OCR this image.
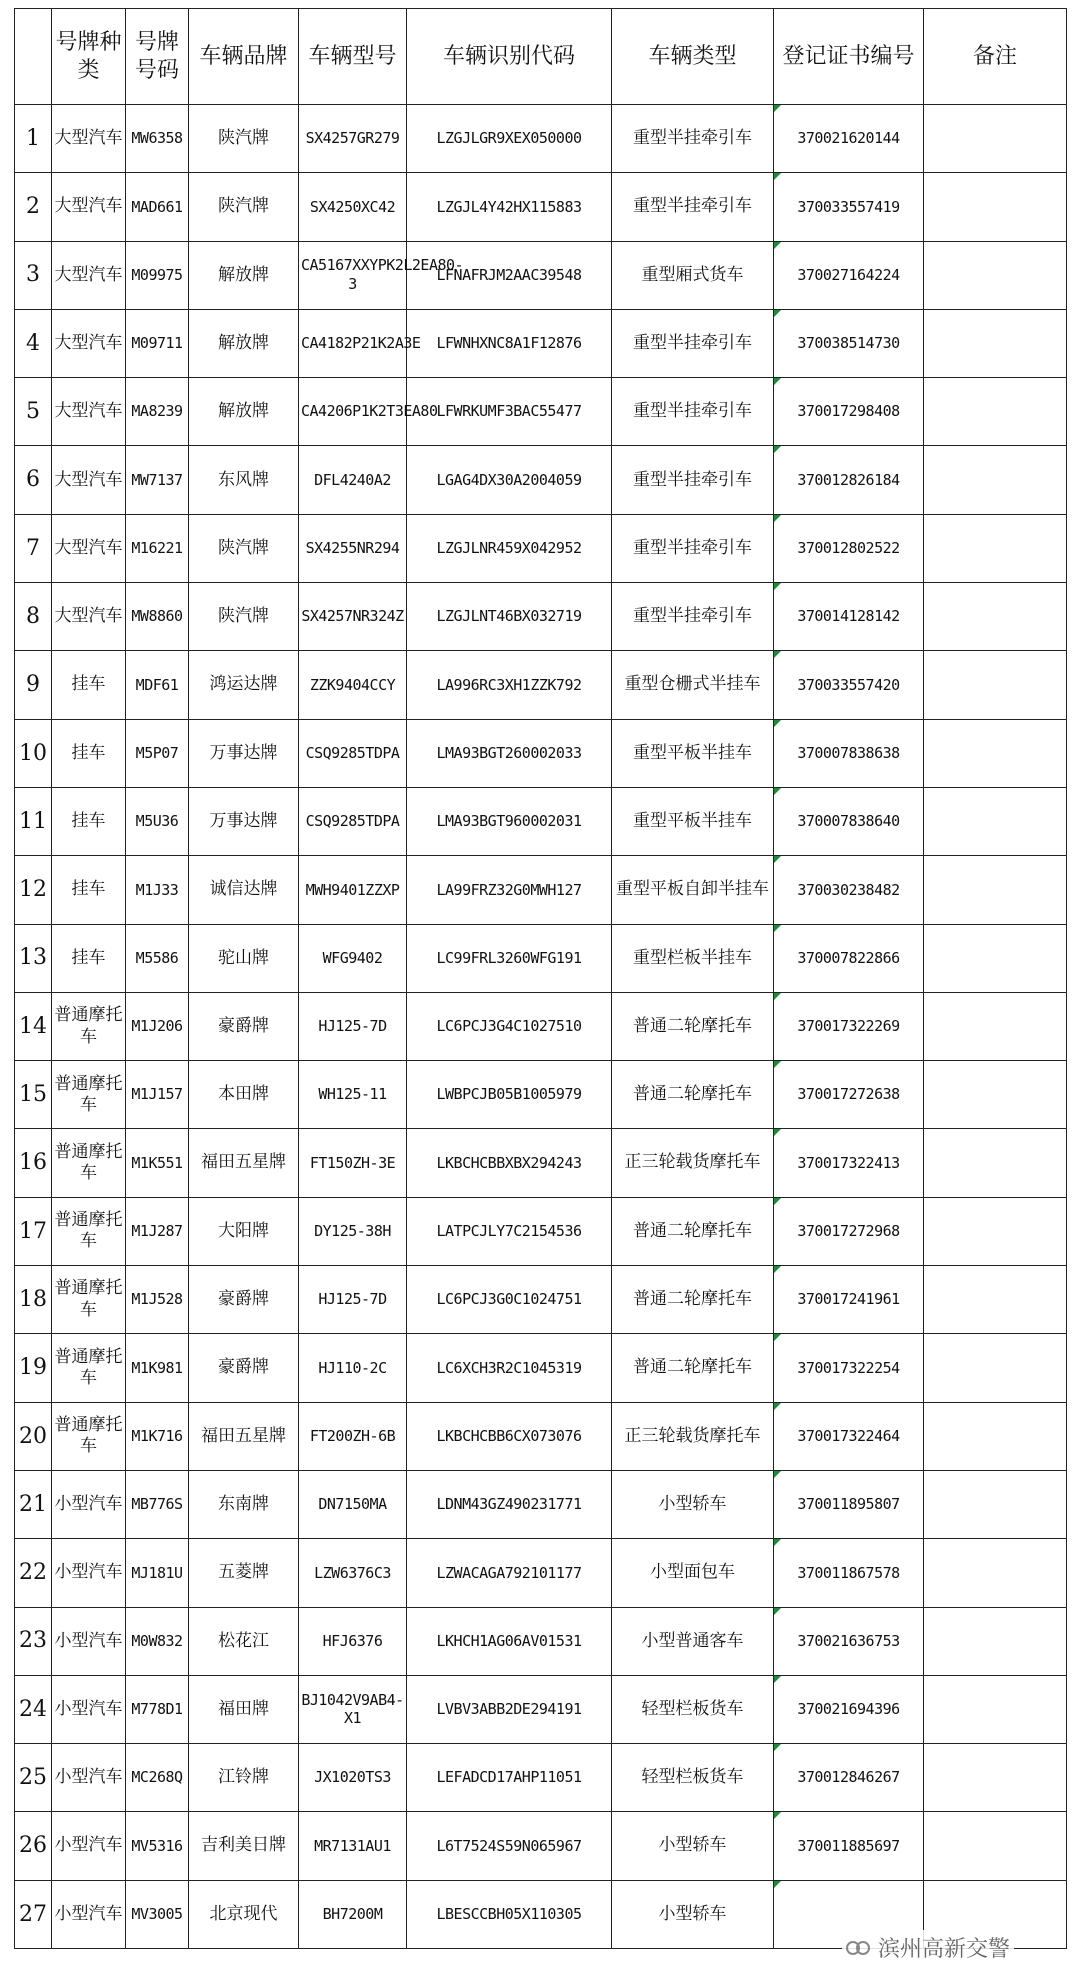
	号牌种类	号牌号码	车辆品牌	车辆型号	车辆识别代码	车辆类型	登记证书编号	备注
1	大型汽车	MW6358	陕汽牌	SX4257GR279	LZGJLGR9XEX050000	重型半挂牵引车	370021620144	
2	大型汽车	MAD661	陕汽牌	SX4250XC42	LZGJL4Y42HX115883	重型半挂牵引车	370033557419	
3	大型汽车	M09975	解放牌	CA5167XXYPK2L2EA80-3	LFNAFRJM2AAC39548	重型厢式货车	370027164224	
4	大型汽车	M09711	解放牌	CA4182P21K2A3E	LFWNHXNC8A1F12876	重型半挂牵引车	370038514730	
5	大型汽车	MA8239	解放牌	CA4206P1K2T3EA80	LFWRKUMF3BAC55477	重型半挂牵引车	370017298408	
6	大型汽车	MW7137	东风牌	DFL4240A2	LGAG4DX30A2004059	重型半挂牵引车	370012826184	
7	大型汽车	M16221	陕汽牌	SX4255NR294	LZGJLNR459X042952	重型半挂牵引车	370012802522	
8	大型汽车	MW8860	陕汽牌	SX4257NR324Z	LZGJLNT46BX032719	重型半挂牵引车	370014128142	
9	挂车	MDF61	鸿运达牌	ZZK9404CCY	LA996RC3XH1ZZK792	重型仓栅式半挂车	370033557420	
10	挂车	M5P07	万事达牌	CSQ9285TDPA	LMA93BGT260002033	重型平板半挂车	370007838638	
11	挂车	M5U36	万事达牌	CSQ9285TDPA	LMA93BGT960002031	重型平板半挂车	370007838640	
12	挂车	M1J33	诚信达牌	MWH9401ZZXP	LA99FRZ32G0MWH127	重型平板自卸半挂车	370030238482	
13	挂车	M5586	驼山牌	WFG9402	LC99FRL3260WFG191	重型栏板半挂车	370007822866	
14	普通摩托车	M1J206	豪爵牌	HJ125-7D	LC6PCJ3G4C1027510	普通二轮摩托车	370017322269	
15	普通摩托车	M1J157	本田牌	WH125-11	LWBPCJB05B1005979	普通二轮摩托车	370017272638	
16	普通摩托车	M1K551	福田五星牌	FT150ZH-3E	LKBCHCBBXBX294243	正三轮载货摩托车	370017322413	
17	普通摩托车	M1J287	大阳牌	DY125-38H	LATPCJLY7C2154536	普通二轮摩托车	370017272968	
18	普通摩托车	M1J528	豪爵牌	HJ125-7D	LC6PCJ3G0C1024751	普通二轮摩托车	370017241961	
19	普通摩托车	M1K981	豪爵牌	HJ110-2C	LC6XCH3R2C1045319	普通二轮摩托车	370017322254	
20	普通摩托车	M1K716	福田五星牌	FT200ZH-6B	LKBCHCBB6CX073076	正三轮载货摩托车	370017322464	
21	小型汽车	MB776S	东南牌	DN7150MA	LDNM43GZ490231771	小型轿车	370011895807	
22	小型汽车	MJ181U	五菱牌	LZW6376C3	LZWACAGA792101177	小型面包车	370011867578	
23	小型汽车	M0W832	松花江	HFJ6376	LKHCH1AG06AV01531	小型普通客车	370021636753	
24	小型汽车	M778D1	福田牌	BJ1042V9AB4-X1	LVBV3ABB2DE294191	轻型栏板货车	370021694396	
25	小型汽车	MC268Q	江铃牌	JX1020TS3	LEFADCD17AHP11051	轻型栏板货车	370012846267	
26	小型汽车	MV5316	吉利美日牌	MR7131AU1	L6T7524S59N065967	小型轿车	370011885697	
27	小型汽车	MV3005	北京现代	BH7200M	LBESCCBH05X110305	小型轿车		
滨州高新交警
